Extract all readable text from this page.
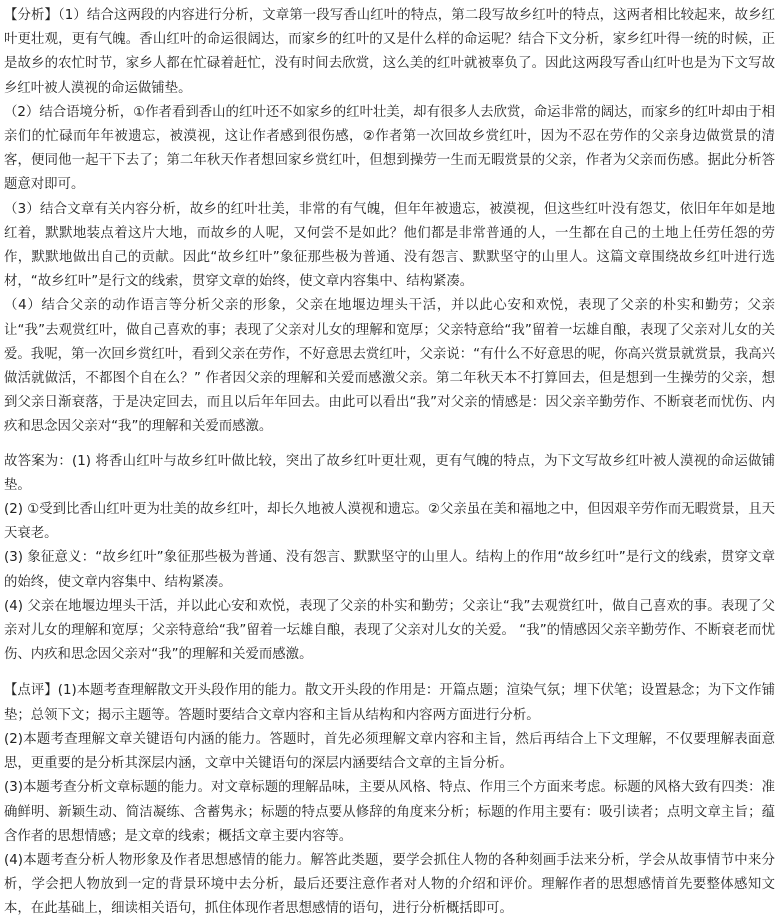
【分析】（1）结合这两段的内容进行分析，文章第一段写香山红叶的特点，第二段写故乡红叶的特点，这两者相比较起来，故乡红叶更壮观，更有气魄。香山红叶的命运很阔达，而家乡的红叶的又是什么样的命运呢？结合下文分析，家乡红叶得一统的时候，正是故乡的农忙时节，家乡人都在忙碌着赶忙，没有时间去欣赏，这么美的红叶就被辜负了。因此这两段写香山红叶也是为下文写故乡红叶被人漠视的命运做铺垫。

（2）结合语境分析，①作者看到香山的红叶还不如家乡的红叶壮美，却有很多人去欣赏，命运非常的阔达，而家乡的红叶却由于相亲们的忙碌而年年被遗忘，被漠视，这让作者感到很伤感，②作者第一次回故乡赏红叶，因为不忍在劳作的父亲身边做赏景的清客，便同他一起干下去了；第二年秋天作者想回家乡赏红叶，但想到操劳一生而无暇赏景的父亲，作者为父亲而伤感。据此分析答题意对即可。

（3）结合文章有关内容分析，故乡的红叶壮美，非常的有气魄，但年年被遗忘，被漠视，但这些红叶没有怨艾，依旧年年如是地红着，默默地装点着这片大地，而故乡的人呢，又何尝不是如此？他们都是非常普通的人，一生都在自己的土地上任劳任怨的劳作，默默地做出自己的贡献。因此“故乡红叶”象征那些极为普通、没有怨言、默默坚守的山里人。这篇文章围绕故乡红叶进行选材，“故乡红叶”是行文的线索，贯穿文章的始终，使文章内容集中、结构紧凑。

（4）结合父亲的动作语言等分析父亲的形象，父亲在地堰边埋头干活，并以此心安和欢悦，表现了父亲的朴实和勤劳；父亲让“我”去观赏红叶，做自己喜欢的事；表现了父亲对儿女的理解和宽厚；父亲特意给“我”留着一坛雄自酿，表现了父亲对儿女的关爱。我呢，第一次回乡赏红叶，看到父亲在劳作，不好意思去赏红叶，父亲说：“有什么不好意思的呢，你高兴赏景就赏景，我高兴做活就做活，不都图个自在么？” 作者因父亲的理解和关爱而感激父亲。第二年秋天本不打算回去，但是想到一生操劳的父亲，想到父亲日渐衰落，于是决定回去，而且以后年年回去。由此可以看出“我”对父亲的情感是：因父亲辛勤劳作、不断衰老而忧伤、内疚和思念因父亲对“我”的理解和关爱而感激。

故答案为：(1) 将香山红叶与故乡红叶做比较，突出了故乡红叶更壮观，更有气魄的特点，为下文写故乡红叶被人漠视的命运做铺垫。

(2) ①受到比香山红叶更为壮美的故乡红叶，却长久地被人漠视和遗忘。②父亲虽在美和福地之中，但因艰辛劳作而无暇赏景，且天天衰老。

(3) 象征意义：“故乡红叶”象征那些极为普通、没有怨言、默默坚守的山里人。结构上的作用“故乡红叶”是行文的线索，贯穿文章的始终，使文章内容集中、结构紧凑。

(4) 父亲在地堰边埋头干活，并以此心安和欢悦，表现了父亲的朴实和勤劳；父亲让“我”去观赏红叶，做自己喜欢的事。表现了父亲对儿女的理解和宽厚；父亲特意给“我”留着一坛雄自酿，表现了父亲对儿女的关爱。 “我”的情感因父亲辛勤劳作、不断衰老而忧伤、内疚和思念因父亲对“我”的理解和关爱而感激。

【点评】(1)本题考查理解散文开头段作用的能力。散文开头段的作用是：开篇点题；渲染气氛；埋下伏笔；设置悬念；为下文作铺垫；总领下文；揭示主题等。答题时要结合文章内容和主旨从结构和内容两方面进行分析。

(2)本题考查理解文章关键语句内涵的能力。答题时，首先必须理解文章内容和主旨，然后再结合上下文理解，不仅要理解表面意思，更重要的是分析其深层内涵，文章中关键语句的深层内涵要结合文章的主旨分析。

(3)本题考查分析文章标题的能力。对文章标题的理解品味，主要从风格、特点、作用三个方面来考虑。标题的风格大致有四类：准确鲜明、新颖生动、简洁凝练、含蓄隽永；标题的特点要从修辞的角度来分析；标题的作用主要有：吸引读者；点明文章主旨；蕴含作者的思想情感；是文章的线索；概括文章主要内容等。

(4)本题考查分析人物形象及作者思想感情的能力。解答此类题，要学会抓住人物的各种刻画手法来分析，学会从故事情节中来分析，学会把人物放到一定的背景环境中去分析，最后还要注意作者对人物的介绍和评价。理解作者的思想感情首先要整体感知文本，在此基础上，细读相关语句，抓住体现作者思想感情的语句，进行分析概括即可。
